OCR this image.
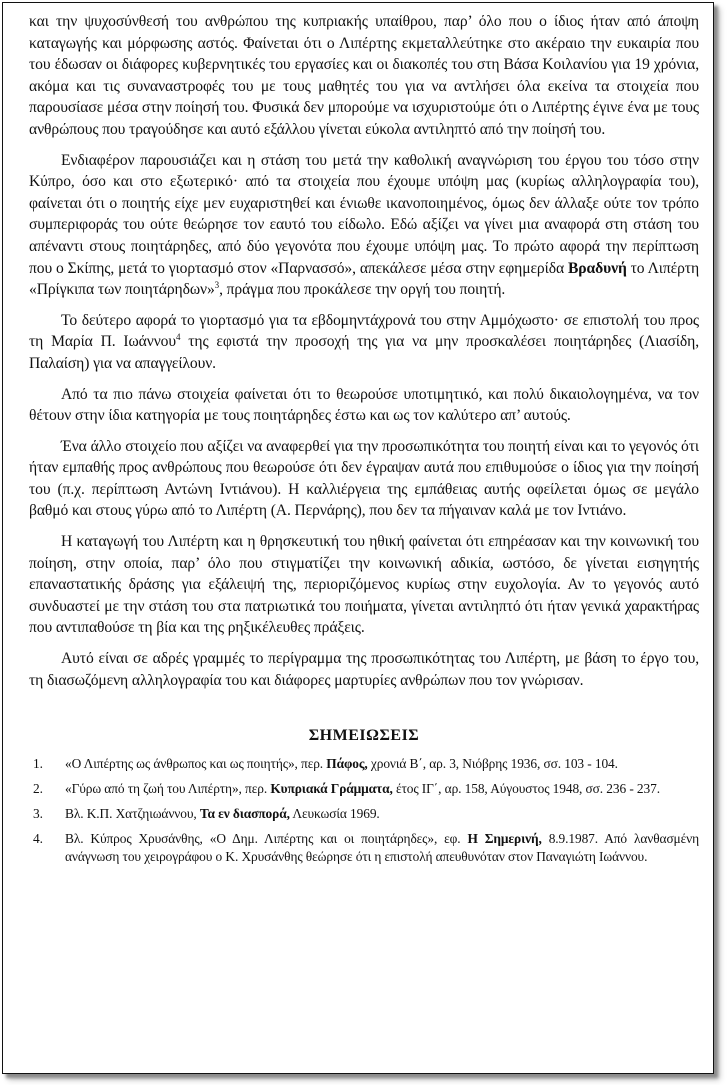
και την ψυχοσύνθεσή του ανθρώπου της κυπριακής υπαίθρου, παρ’ όλο που ο ίδιος ήταν από άποψη καταγωγής και μόρφωσης αστός. Φαίνεται ότι ο Λιπέρτης εκμεταλλεύτηκε στο ακέραιο την ευκαιρία που του έδωσαν οι διάφορες κυβερνητικές του εργασίες και οι διακοπές του στη Βάσα Κοιλανίου για 19 χρόνια, ακόμα και τις συναναστροφές του με τους μαθητές του για να αντλήσει όλα εκείνα τα στοιχεία που παρουσίασε μέσα στην ποίησή του. Φυσικά δεν μπορούμε να ισχυριστούμε ότι ο Λιπέρτης έγινε ένα με τους ανθρώπους που τραγούδησε και αυτό εξάλλου γίνεται εύκολα αντιληπτό από την ποίησή του.

Ενδιαφέρον παρουσιάζει και η στάση του μετά την καθολική αναγνώριση του έργου του τόσο στην Κύπρο, όσο και στο εξωτερικό· από τα στοιχεία που έχουμε υπόψη μας (κυρίως αλληλογραφία του), φαίνεται ότι ο ποιητής είχε μεν ευχαριστηθεί και ένιωθε ικανοποιημένος, όμως δεν άλλαξε ούτε τον τρόπο συμπεριφοράς του ούτε θεώρησε τον εαυτό του είδωλο. Εδώ αξίζει να γίνει μια αναφορά στη στάση του απέναντι στους ποιητάρηδες, από δύο γεγονότα που έχουμε υπόψη μας. Το πρώτο αφορά την περίπτωση που ο Σκίπης, μετά το γιορτασμό στον «Παρνασσό», απεκάλεσε μέσα στην εφημερίδα Βραδυνή το Λιπέρτη «Πρίγκιπα των ποιητάρηδων»$^3$, πράγμα που προκάλεσε την οργή του ποιητή.

Το δεύτερο αφορά το γιορτασμό για τα εβδομηντάχρονά του στην Αμμόχωστο· σε επιστολή του προς τη Μαρία Π. Ιωάννου$^4$ της εφιστά την προσοχή της για να μην προσκαλέσει ποιητάρηδες (Λιασίδη, Παλαίση) για να απαγγείλουν.

Από τα πιο πάνω στοιχεία φαίνεται ότι το θεωρούσε υποτιμητικό, και πολύ δικαιολογημένα, να τον θέτουν στην ίδια κατηγορία με τους ποιητάρηδες έστω και ως τον καλύτερο απ’ αυτούς.

Ένα άλλο στοιχείο που αξίζει να αναφερθεί για την προσωπικότητα του ποιητή είναι και το γεγονός ότι ήταν εμπαθής προς ανθρώπους που θεωρούσε ότι δεν έγραψαν αυτά που επιθυμούσε ο ίδιος για την ποίησή του (π.χ. περίπτωση Αντώνη Ιντιάνου). Η καλλιέργεια της εμπάθειας αυτής οφείλεται όμως σε μεγάλο βαθμό και στους γύρω από το Λιπέρτη (Α. Περνάρης), που δεν τα πήγαιναν καλά με τον Ιντιάνο.

Η καταγωγή του Λιπέρτη και η θρησκευτική του ηθική φαίνεται ότι επηρέασαν και την κοινωνική του ποίηση, στην οποία, παρ’ όλο που στιγματίζει την κοινωνική αδικία, ωστόσο, δε γίνεται εισηγητής επαναστατικής δράσης για εξάλειψή της, περιοριζόμενος κυρίως στην ευχολογία. Αν το γεγονός αυτό συνδυαστεί με την στάση του στα πατριωτικά του ποιήματα, γίνεται αντιληπτό ότι ήταν γενικά χαρακτήρας που αντιπαθούσε τη βία και της ρηξικέλευθες πράξεις.

Αυτό είναι σε αδρές γραμμές το περίγραμμα της προσωπικότητας του Λιπέρτη, με βάση το έργο του, τη διασωζόμενη αλληλογραφία του και διάφορες μαρτυρίες ανθρώπων που τον γνώρισαν.

ΣΗΜΕΙΩΣΕΙΣ
1.	«Ο Λιπέρτης ως άνθρωπος και ως ποιητής», περ. Πάφος, χρονιά Β΄, αρ. 3, Νιόβρης 1936, σσ. 103 - 104.
2.	«Γύρω από τη ζωή του Λιπέρτη», περ. Κυπριακά Γράμματα, έτος ΙΓ΄, αρ. 158, Αύγουστος 1948, σσ. 236 - 237.
3.	Βλ. Κ.Π. Χατζηιωάννου, Τα εν διασπορά, Λευκωσία 1969.
4.	Βλ. Κύπρος Χρυσάνθης, «Ο Δημ. Λιπέρτης και οι ποιητάρηδες», εφ. Η Σημερινή, 8.9.1987. Από λανθασμένη ανάγνωση του χειρογράφου ο Κ. Χρυσάνθης θεώρησε ότι η επιστολή απευθυνόταν στον Παναγιώτη Ιωάννου.
